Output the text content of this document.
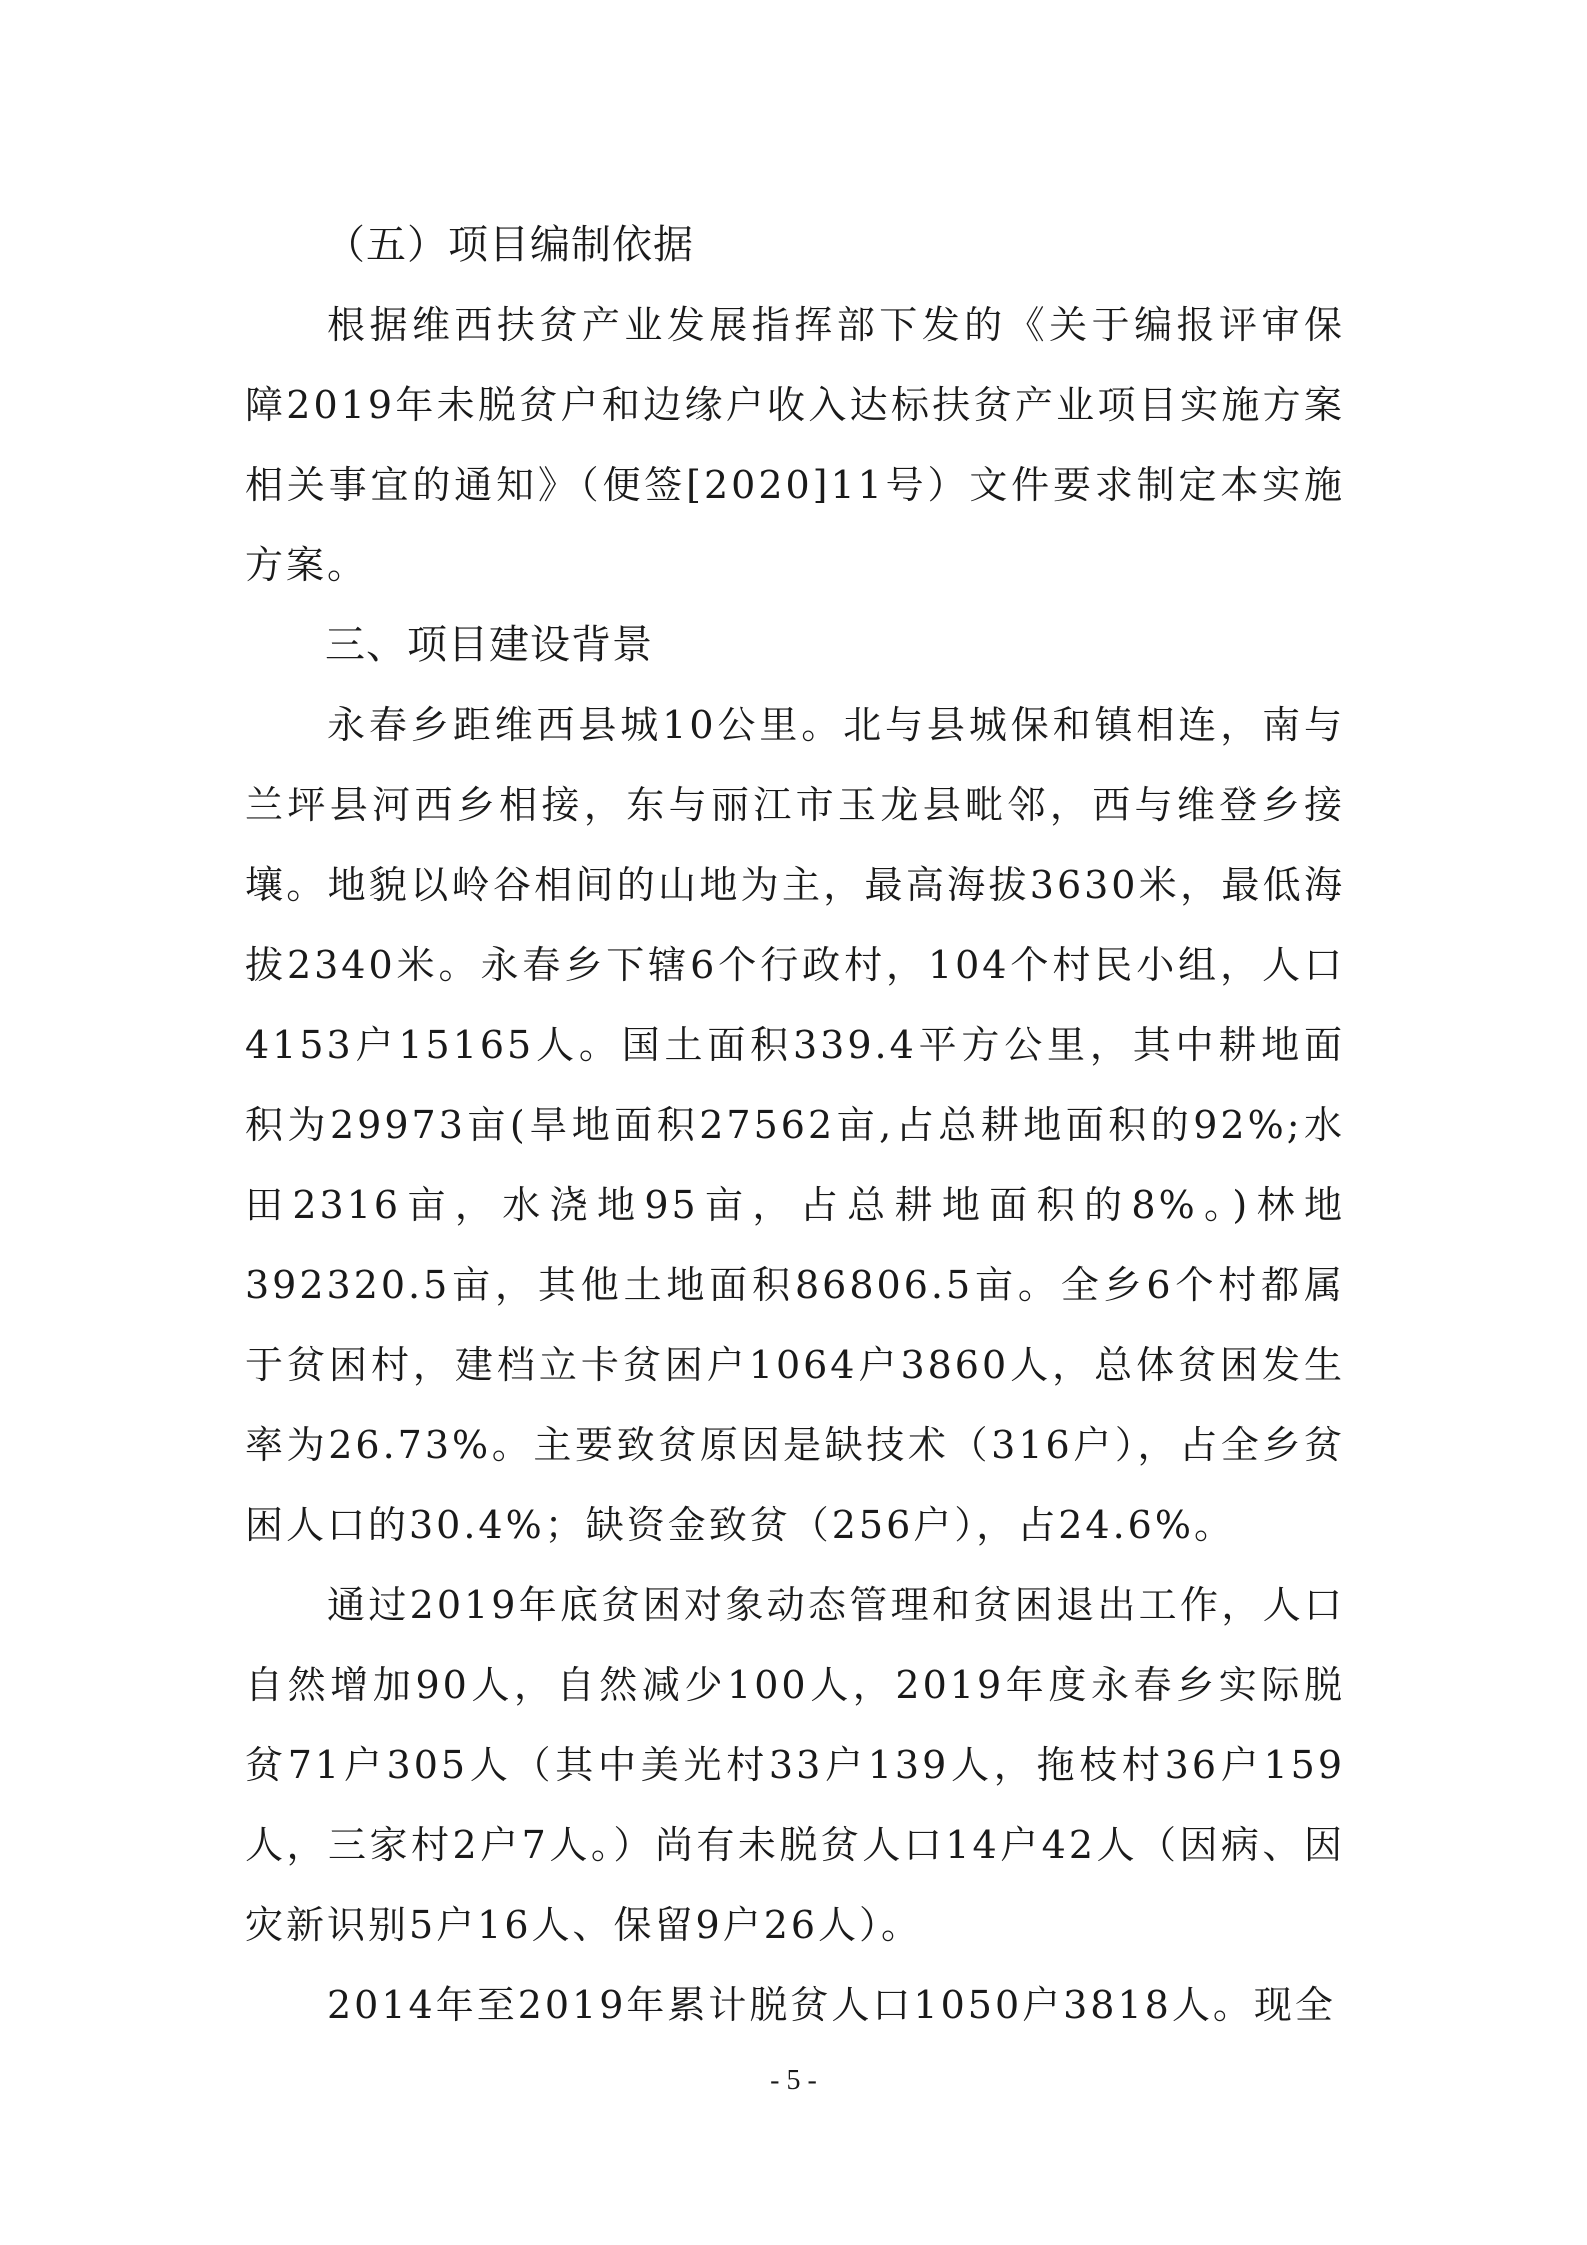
（五）项目编制依据

根据维西扶贫产业发展指挥部下发的《关于编报评审保障2019年未脱贫户和边缘户收入达标扶贫产业项目实施方案相关事宜的通知》（便签[2020]11号）文件要求制定本实施方案。

三、项目建设背景

永春乡距维西县城10公里。北与县城保和镇相连，南与兰坪县河西乡相接，东与丽江市玉龙县毗邻，西与维登乡接壤。地貌以岭谷相间的山地为主，最高海拔3630米，最低海拔2340米。永春乡下辖6个行政村，104个村民小组，人口4153户15165人。国土面积339.4平方公里，其中耕地面积为29973亩(旱地面积27562亩,占总耕地面积的92%;水田2316亩，水浇地95亩，占总耕地面积的8%。)林地392320.5亩，其他土地面积86806.5亩。全乡6个村都属于贫困村，建档立卡贫困户1064户3860人，总体贫困发生率为26.73%。主要致贫原因是缺技术（316户），占全乡贫困人口的30.4%；缺资金致贫（256户），占24.6%。

通过2019年底贫困对象动态管理和贫困退出工作，人口自然增加90人，自然减少100人，2019年度永春乡实际脱贫71户305人（其中美光村33户139人，拖枝村36户159人，三家村2户7人。）尚有未脱贫人口14户42人（因病、因灾新识别5户16人、保留9户26人）。

2014年至2019年累计脱贫人口1050户3818人。现全

- 5 -
